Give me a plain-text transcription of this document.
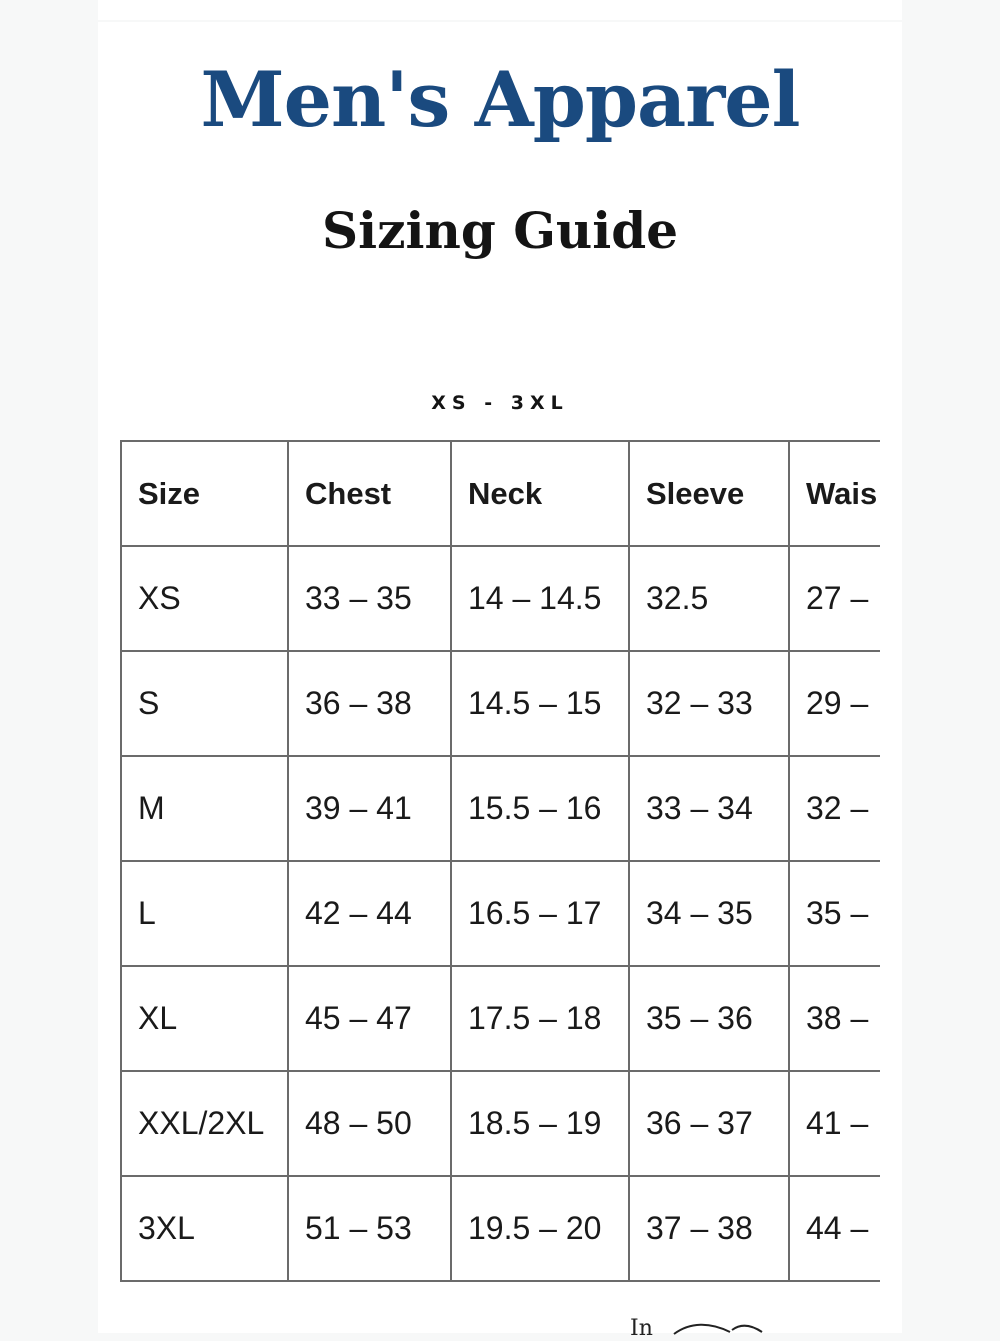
Men's Apparel
Sizing Guide
XS - 3XL
Size	Chest	Neck	Sleeve	Wais
XS	33 – 35	14 – 14.5	32.5	27 –
S	36 – 38	14.5 – 15	32 – 33	29 –
M	39 – 41	15.5 – 16	33 – 34	32 –
L	42 – 44	16.5 – 17	34 – 35	35 –
XL	45 – 47	17.5 – 18	35 – 36	38 –
XXL/2XL	48 – 50	18.5 – 19	36 – 37	41 –
3XL	51 – 53	19.5 – 20	37 – 38	44 –
In
